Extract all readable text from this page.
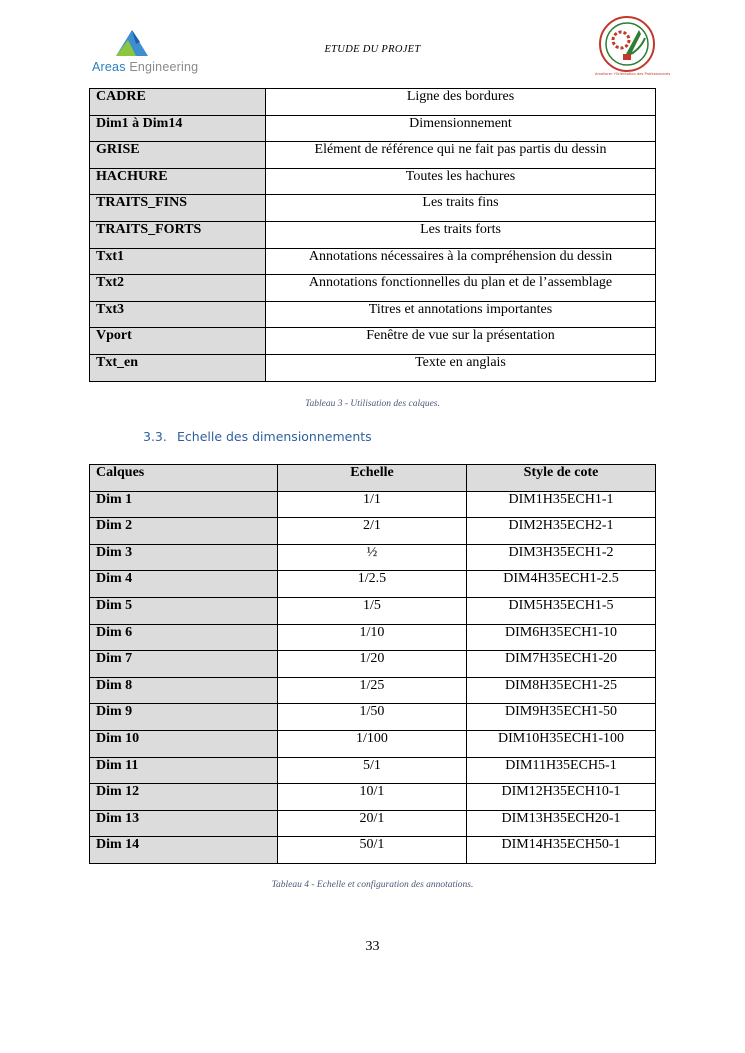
Areas Engineering
ETUDE DU PROJET
Ameliorer l'Orientation des Professionnels
CADRE	Ligne des bordures
Dim1 à Dim14	Dimensionnement
GRISE	Elément de référence qui ne fait pas partis du dessin
HACHURE	Toutes les hachures
TRAITS_FINS	Les traits fins
TRAITS_FORTS	Les traits forts
Txt1	Annotations nécessaires à la compréhension du dessin
Txt2	Annotations fonctionnelles du plan et de l’assemblage
Txt3	Titres et annotations importantes
Vport	Fenêtre de vue sur la présentation
Txt_en	Texte en anglais
Tableau 3 - Utilisation des calques.
3.3. Echelle des dimensionnements
Calques	Echelle	Style de cote
Dim 1	1/1	DIM1H35ECH1-1
Dim 2	2/1	DIM2H35ECH2-1
Dim 3	½	DIM3H35ECH1-2
Dim 4	1/2.5	DIM4H35ECH1-2.5
Dim 5	1/5	DIM5H35ECH1-5
Dim 6	1/10	DIM6H35ECH1-10
Dim 7	1/20	DIM7H35ECH1-20
Dim 8	1/25	DIM8H35ECH1-25
Dim 9	1/50	DIM9H35ECH1-50
Dim 10	1/100	DIM10H35ECH1-100
Dim 11	5/1	DIM11H35ECH5-1
Dim 12	10/1	DIM12H35ECH10-1
Dim 13	20/1	DIM13H35ECH20-1
Dim 14	50/1	DIM14H35ECH50-1
Tableau 4 - Echelle et configuration des annotations.
33
